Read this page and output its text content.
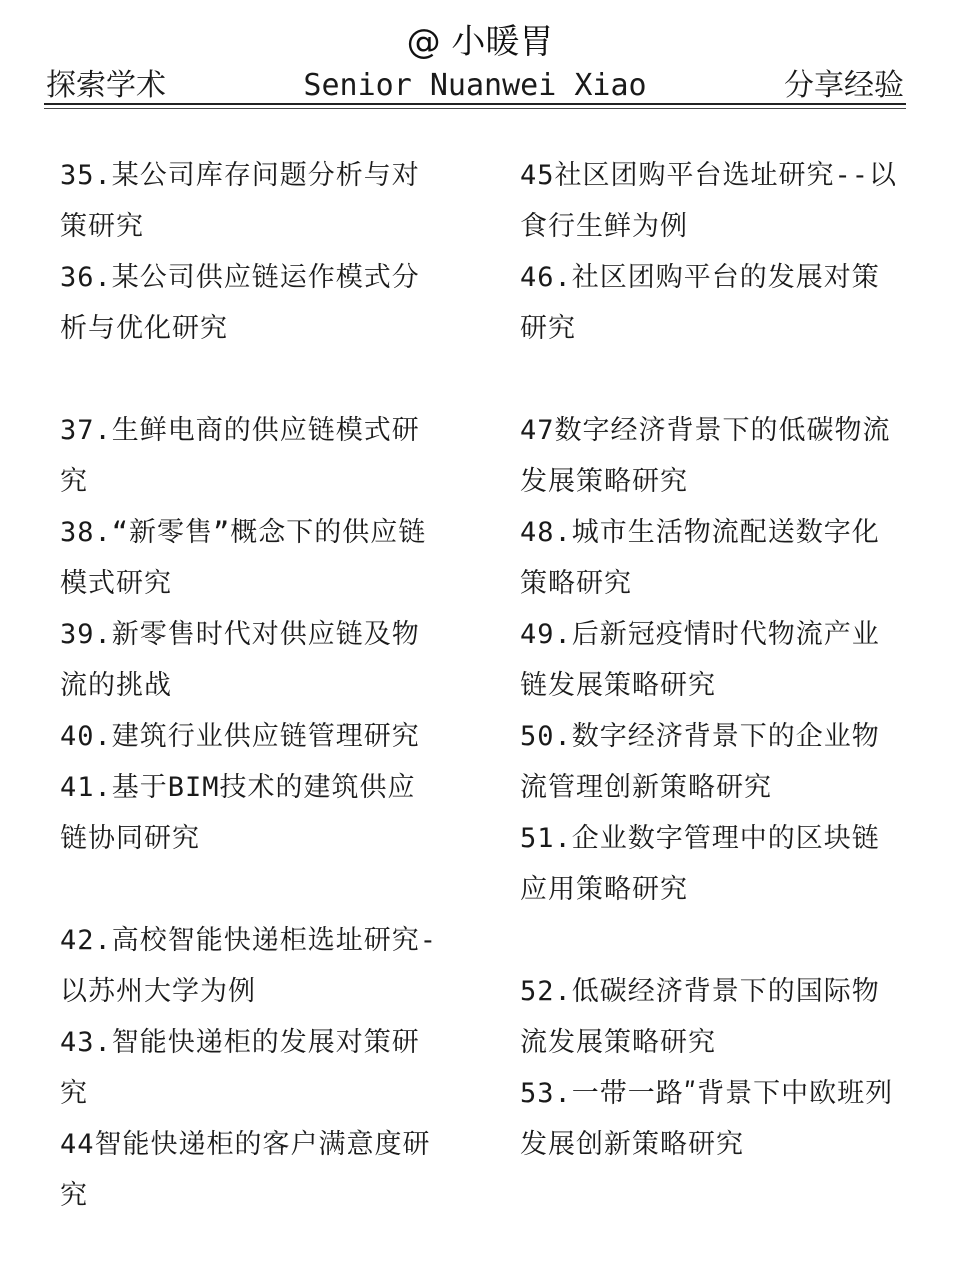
@ 小暖胃
探索学术	Senior Nuanwei Xiao	分享经验
35.某公司库存问题分析与对策研究
36.某公司供应链运作模式分析与优化研究
37.生鲜电商的供应链模式研究
38.“新零售”概念下的供应链模式研究
39.新零售时代对供应链及物流的挑战
40.建筑行业供应链管理研究
41.基于BIM技术的建筑供应链协同研究
42.高校智能快递柜选址研究-以苏州大学为例
43.智能快递柜的发展对策研究
44智能快递柜的客户满意度研究
45社区团购平台选址研究--以食行生鲜为例
46.社区团购平台的发展对策研究
47数字经济背景下的低碳物流发展策略研究
48.城市生活物流配送数字化策略研究
49.后新冠疫情时代物流产业链发展策略研究
50.数字经济背景下的企业物流管理创新策略研究
51.企业数字管理中的区块链应用策略研究
52.低碳经济背景下的国际物流发展策略研究
53.一带一路ʺ背景下中欧班列发展创新策略研究
